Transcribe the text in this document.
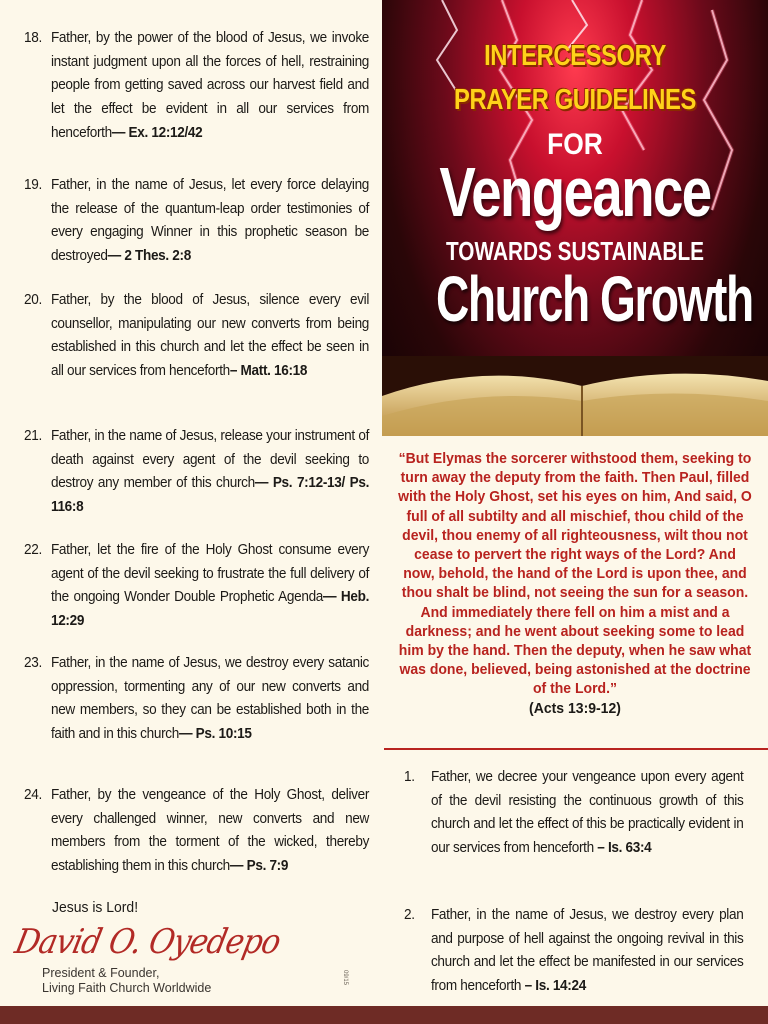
18. Father, by the power of the blood of Jesus, we invoke instant judgment upon all the forces of hell, restraining people from getting saved across our harvest field and let the effect be evident in all our services from henceforth— Ex. 12:12/42
19. Father, in the name of Jesus, let every force delaying the release of the quantum-leap order testimonies of every engaging Winner in this prophetic season be destroyed— 2 Thes. 2:8
20. Father, by the blood of Jesus, silence every evil counsellor, manipulating our new converts from being established in this church and let the effect be seen in all our services from henceforth– Matt. 16:18
21. Father, in the name of Jesus, release your instrument of death against every agent of the devil seeking to destroy any member of this church— Ps. 7:12-13/ Ps. 116:8
22. Father, let the fire of the Holy Ghost consume every agent of the devil seeking to frustrate the full delivery of the ongoing Wonder Double Prophetic Agenda— Heb. 12:29
23. Father, in the name of Jesus, we destroy every satanic oppression, tormenting any of our new converts and new members, so they can be established both in the faith and in this church— Ps. 10:15
24. Father, by the vengeance of the Holy Ghost, deliver every challenged winner, new converts and new members from the torment of the wicked, thereby establishing them in this church— Ps. 7:9
Jesus is Lord!
David O. Oyedepo
President & Founder,
Living Faith Church Worldwide
09/15
INTERCESSORY
PRAYER GUIDELINES
FOR
Vengeance
TOWARDS SUSTAINABLE
Church Growth
“But Elymas the sorcerer withstood them, seeking to turn away the deputy from the faith. Then Paul, filled with the Holy Ghost, set his eyes on him, And said, O full of all subtilty and all mischief, thou child of the devil, thou enemy of all righteousness, wilt thou not cease to pervert the right ways of the Lord? And now, behold, the hand of the Lord is upon thee, and thou shalt be blind, not seeing the sun for a season. And immediately there fell on him a mist and a darkness; and he went about seeking some to lead him by the hand. Then the deputy, when he saw what was done, believed, being astonished at the doctrine of the Lord.”
(Acts 13:9-12)
1. Father, we decree your vengeance upon every agent of the devil resisting the continuous growth of this church and let the effect of this be practically evident in our services from henceforth – Is. 63:4
2. Father, in the name of Jesus, we destroy every plan and purpose of hell against the ongoing revival in this church and let the effect be manifested in our services from henceforth – Is. 14:24
